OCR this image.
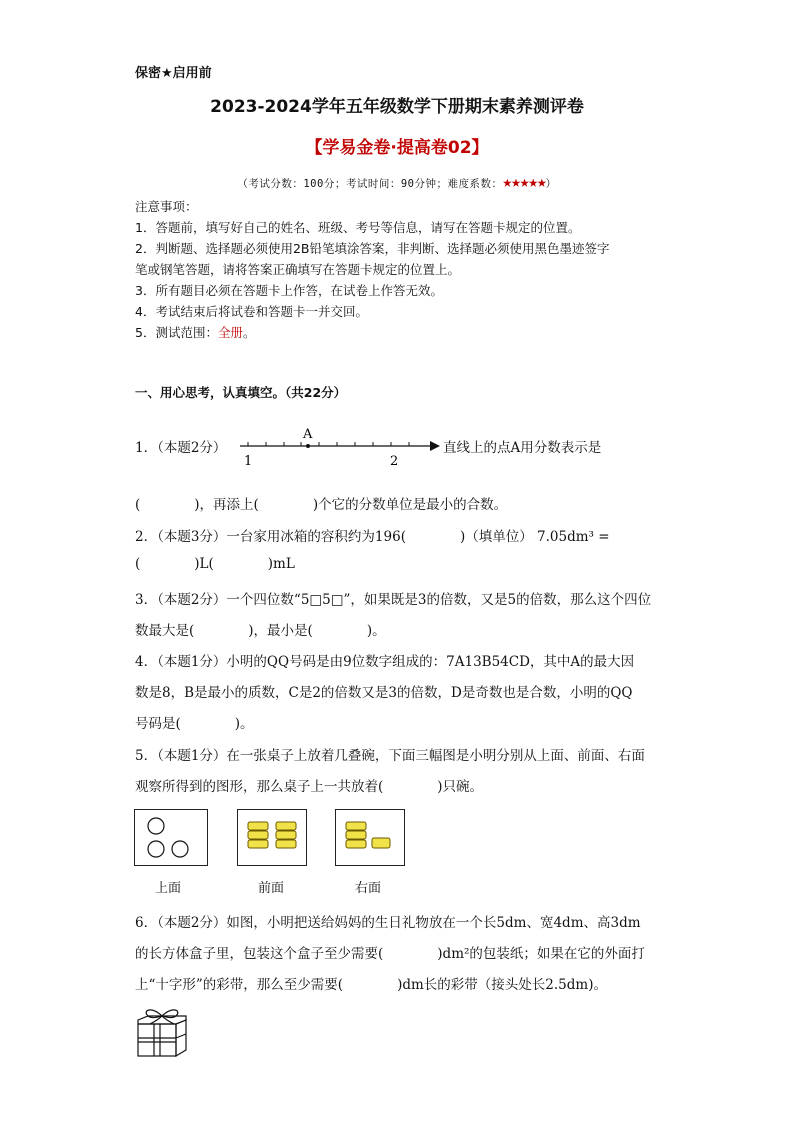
保密★启用前
2023-2024学年五年级数学下册期末素养测评卷
【学易金卷·提高卷02】
（考试分数：100分；考试时间：90分钟；难度系数：★★★★★）
注意事项：
1．答题前，填写好自己的姓名、班级、考号等信息，请写在答题卡规定的位置。
2．判断题、选择题必须使用2B铅笔填涂答案，非判断、选择题必须使用黑色墨迹签字
笔或钢笔答题，请将答案正确填写在答题卡规定的位置上。
3．所有题目必须在答题卡上作答，在试卷上作答无效。
4．考试结束后将试卷和答题卡一并交回。
5．测试范围：全册。
一、用心思考，认真填空。（共22分）
1．（本题2分）
A
1	2
直线上的点A用分数表示是
(	)，再添上(	)个它的分数单位是最小的合数。
2．（本题3分）一台家用冰箱的容积约为196(	)（填单位） 7.05dm³ =
(	)L(	)mL
3．（本题2分）一个四位数“5□5□”，如果既是3的倍数，又是5的倍数，那么这个四位
数最大是(	)，最小是(	)。
4．（本题1分）小明的QQ号码是由9位数字组成的：7A13B54CD，其中A的最大因
数是8，B是最小的质数，C是2的倍数又是3的倍数，D是奇数也是合数，小明的QQ
号码是(	)。
5．（本题1分）在一张桌子上放着几叠碗，下面三幅图是小明分别从上面、前面、右面
观察所得到的图形，那么桌子上一共放着(	)只碗。
上面	前面	右面
6．（本题2分）如图，小明把送给妈妈的生日礼物放在一个长5dm、宽4dm、高3dm
的长方体盒子里，包装这个盒子至少需要(	)dm²的包装纸；如果在它的外面打
上“十字形”的彩带，那么至少需要(	)dm长的彩带（接头处长2.5dm)。
